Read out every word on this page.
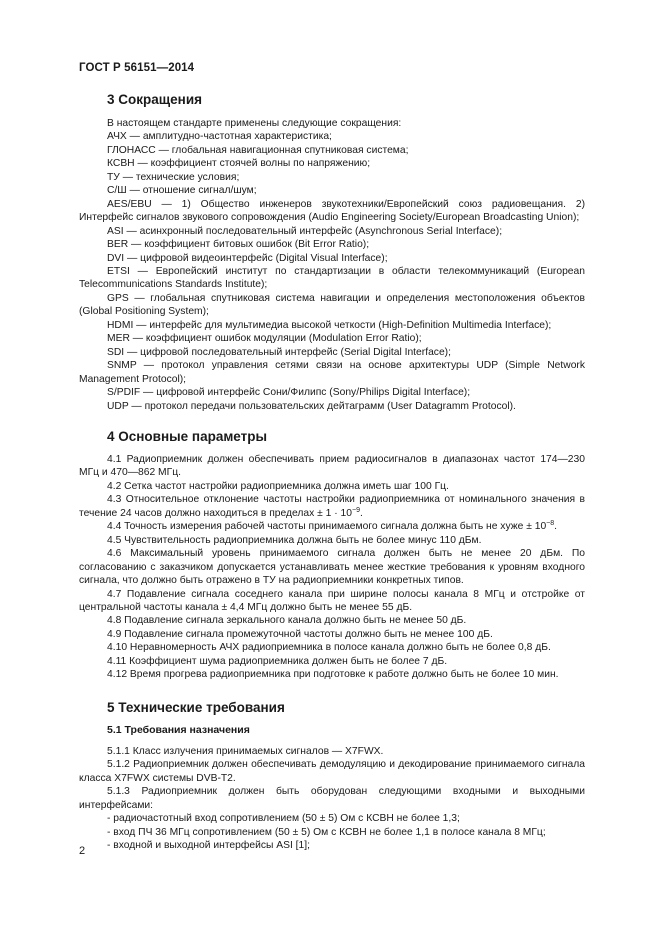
ГОСТ Р 56151—2014
3 Сокращения

В настоящем стандарте применены следующие сокращения:

АЧХ — амплитудно-частотная характеристика;

ГЛОНАСС — глобальная навигационная спутниковая система;

КСВН — коэффициент стоячей волны по напряжению;

ТУ — технические условия;

С/Ш — отношение сигнал/шум;

AES/EBU — 1) Общество инженеров звукотехники/Европейский союз радиовещания. 2) Интерфейс сигналов звукового сопровождения (Audio Engineering Society/European Broadcasting Union);

ASI — асинхронный последовательный интерфейс (Asynchronous Serial Interface);

BER — коэффициент битовых ошибок (Bit Error Ratio);

DVI — цифровой видеоинтерфейс (Digital Visual Interface);

ETSI — Европейский институт по стандартизации в области телекоммуникаций (European Telecommunications Standards Institute);

GPS — глобальная спутниковая система навигации и определения местоположения объектов (Global Positioning System);

HDMI — интерфейс для мультимедиа высокой четкости (High-Definition Multimedia Interface);

MER — коэффициент ошибок модуляции (Modulation Error Ratio);

SDI — цифровой последовательный интерфейс (Serial Digital Interface);

SNMP — протокол управления сетями связи на основе архитектуры UDP (Simple Network Management Protocol);

S/PDIF — цифровой интерфейс Сони/Филипс (Sony/Philips Digital Interface);

UDP — протокол передачи пользовательских дейтаграмм (User Datagramm Protocol).

4 Основные параметры

4.1 Радиоприемник должен обеспечивать прием радиосигналов в диапазонах частот 174—230 МГц и 470—862 МГц.

4.2 Сетка частот настройки радиоприемника должна иметь шаг 100 Гц.

4.3 Относительное отклонение частоты настройки радиоприемника от номинального значения в течение 24 часов должно находиться в пределах ± $1 \cdot 10^{-9}$.

4.4 Точность измерения рабочей частоты принимаемого сигнала должна быть не хуже ± $10^{-8}$.

4.5 Чувствительность радиоприемника должна быть не более минус 110 дБм.

4.6 Максимальный уровень принимаемого сигнала должен быть не менее 20 дБм. По согласованию с заказчиком допускается устанавливать менее жесткие требования к уровням входного сигнала, что должно быть отражено в ТУ на радиоприемники конкретных типов.

4.7 Подавление сигнала соседнего канала при ширине полосы канала 8 МГц и отстройке от центральной частоты канала ± 4,4 МГц должно быть не менее 55 дБ.

4.8 Подавление сигнала зеркального канала должно быть не менее 50 дБ.

4.9 Подавление сигнала промежуточной частоты должно быть не менее 100 дБ.

4.10 Неравномерность АЧХ радиоприемника в полосе канала должно быть не более 0,8 дБ.

4.11 Коэффициент шума радиоприемника должен быть не более 7 дБ.

4.12 Время прогрева радиоприемника при подготовке к работе должно быть не более 10 мин.

5 Технические требования
5.1 Требования назначения

5.1.1 Класс излучения принимаемых сигналов — X7FWX.

5.1.2 Радиоприемник должен обеспечивать демодуляцию и декодирование принимаемого сигнала класса X7FWX системы DVB-T2.

5.1.3 Радиоприемник должен быть оборудован следующими входными и выходными интерфейсами:

- радиочастотный вход сопротивлением (50 ± 5) Ом с КСВН не более 1,3;

- вход ПЧ 36 МГц сопротивлением (50 ± 5) Ом с КСВН не более 1,1 в полосе канала 8 МГц;

- входной и выходной интерфейсы ASI [1];

2
